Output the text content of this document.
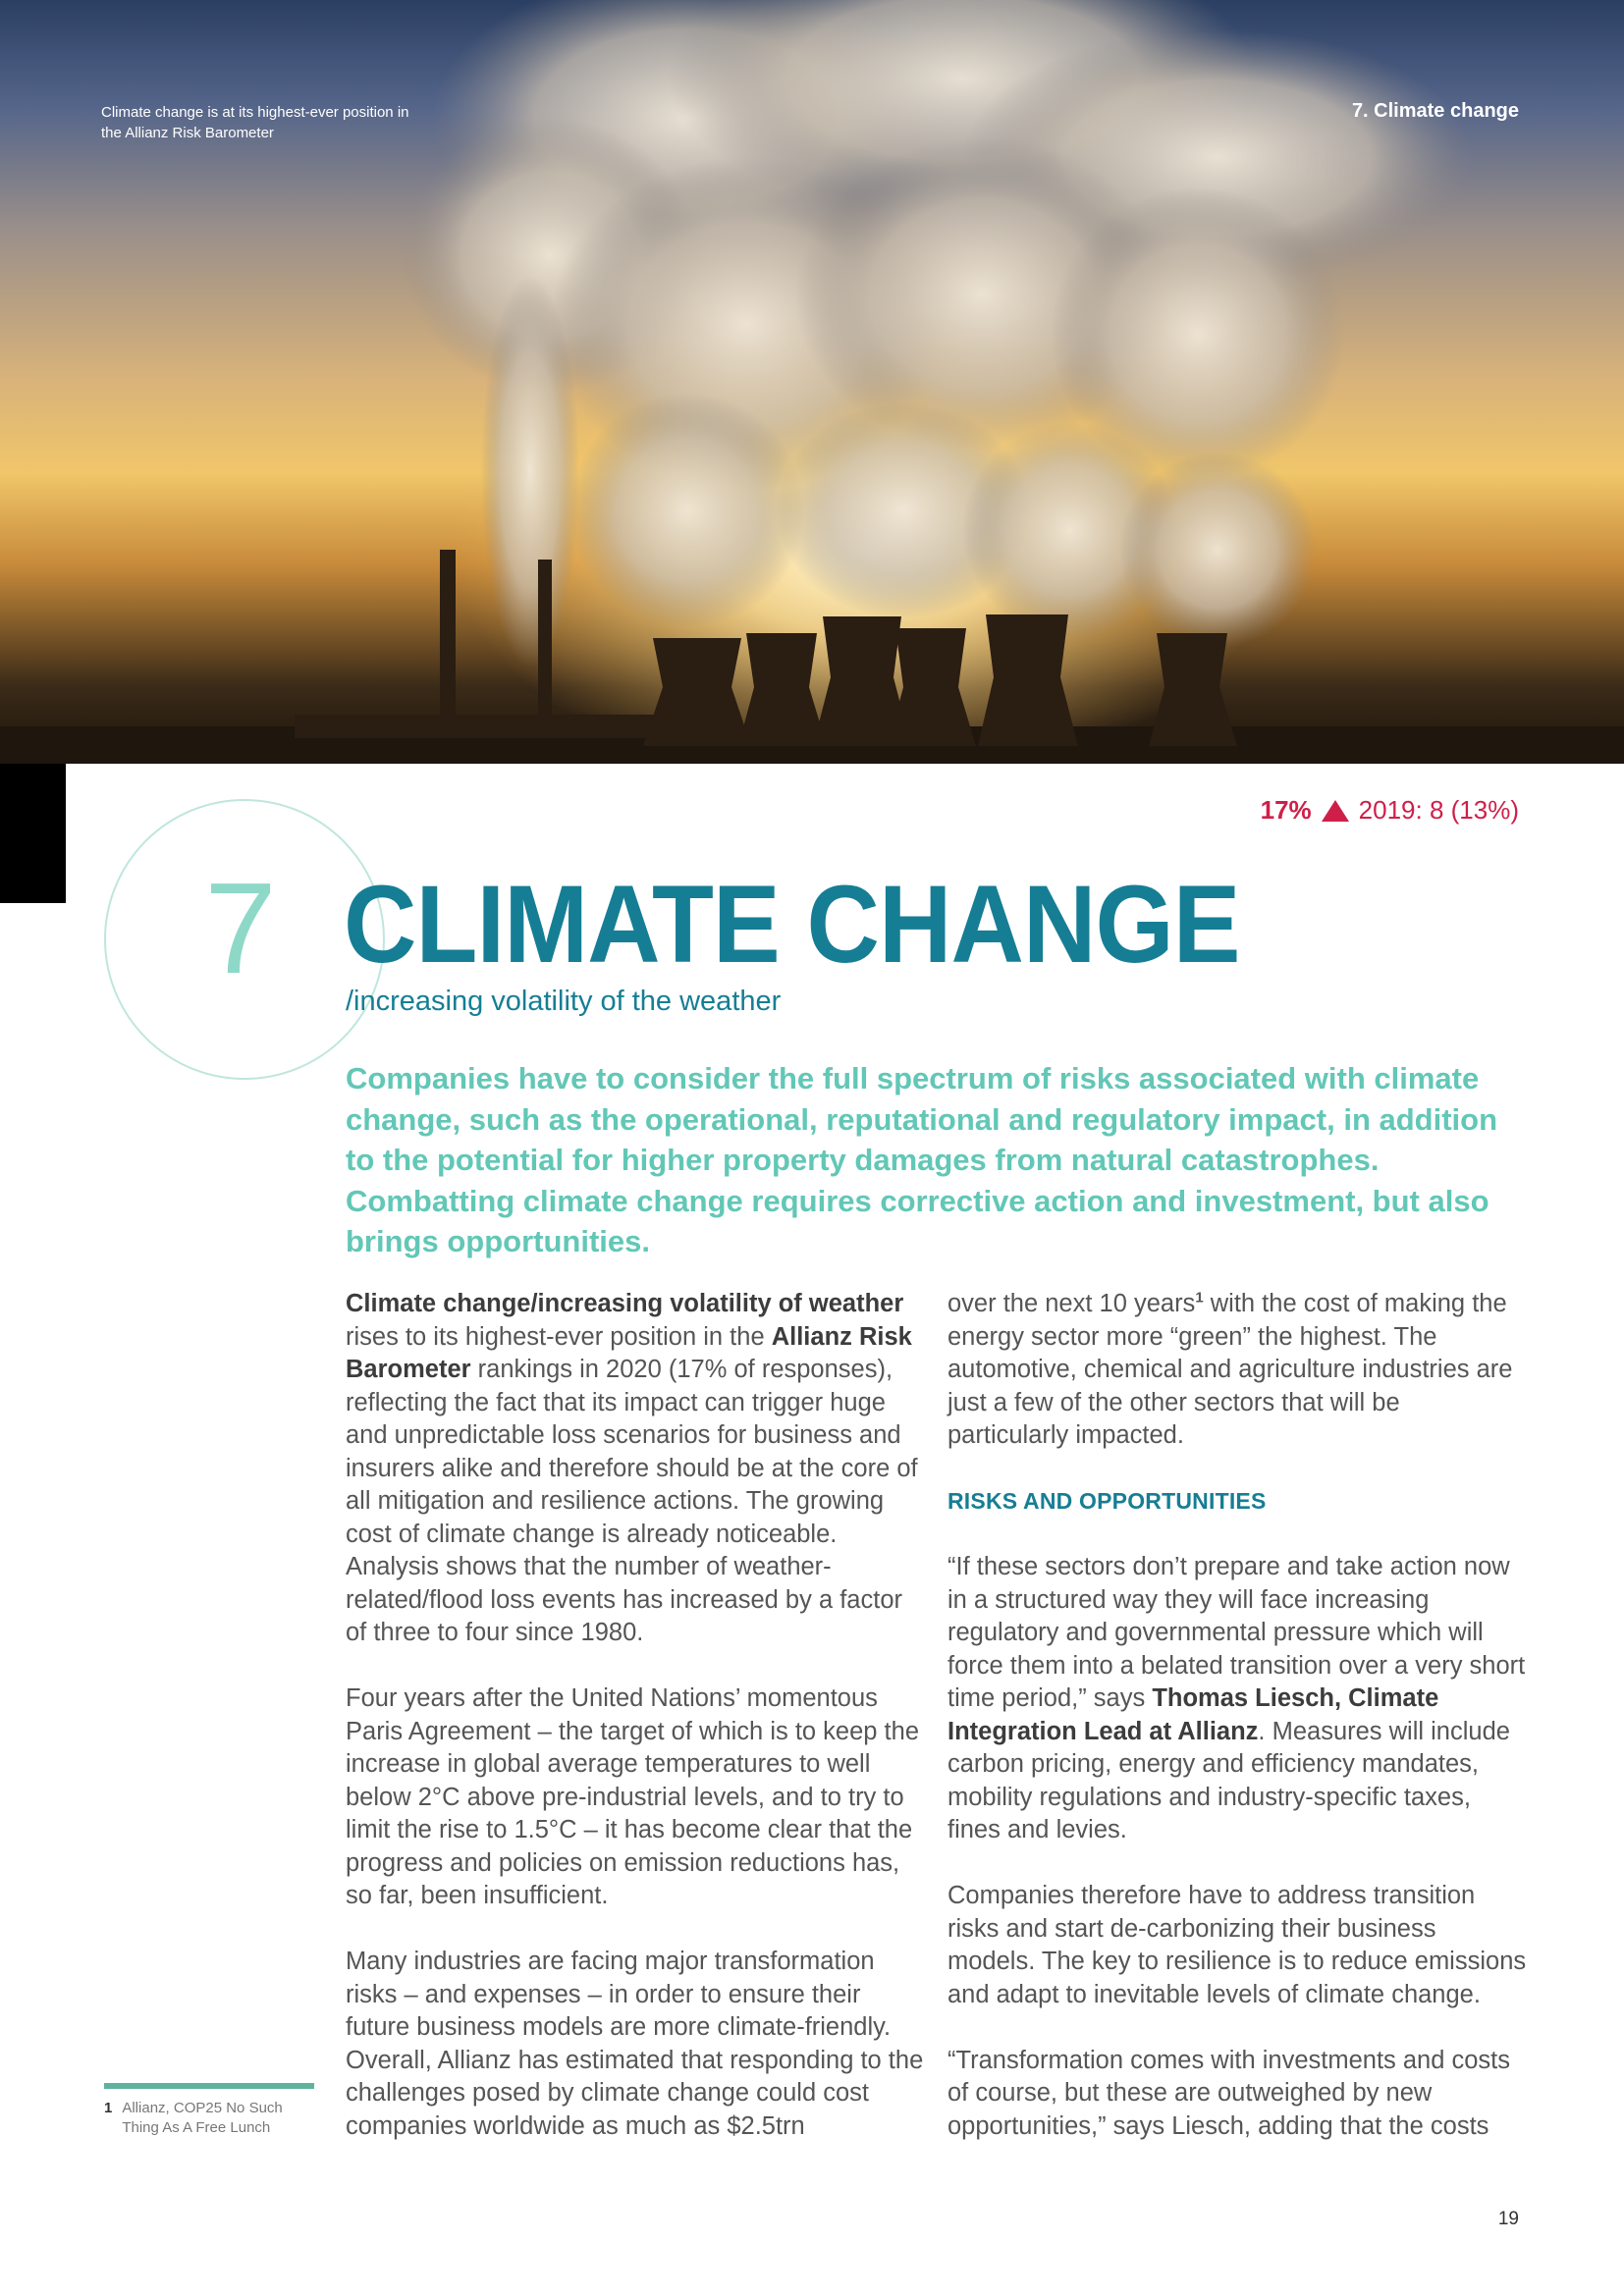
Climate change is at its highest-ever position in the Allianz Risk Barometer
7. Climate change
17% 2019: 8 (13%)
7 CLIMATE CHANGE
/increasing volatility of the weather

Companies have to consider the full spectrum of risks associated with climate change, such as the operational, reputational and regulatory impact, in addition to the potential for higher property damages from natural catastrophes. Combatting climate change requires corrective action and investment, but also brings opportunities.

Climate change/increasing volatility of weather rises to its highest-ever position in the Allianz Risk Barometer rankings in 2020 (17% of responses), reflecting the fact that its impact can trigger huge and unpredictable loss scenarios for business and insurers alike and therefore should be at the core of all mitigation and resilience actions. The growing cost of climate change is already noticeable. Analysis shows that the number of weather-related/flood loss events has increased by a factor of three to four since 1980.

Four years after the United Nations’ momentous Paris Agreement – the target of which is to keep the increase in global average temperatures to well below 2°C above pre-industrial levels, and to try to limit the rise to 1.5°C – it has become clear that the progress and policies on emission reductions has, so far, been insufficient.

Many industries are facing major transformation risks – and expenses – in order to ensure their future business models are more climate-friendly. Overall, Allianz has estimated that responding to the challenges posed by climate change could cost companies worldwide as much as $2.5trn

over the next 10 years$^1$ with the cost of making the energy sector more “green” the highest. The automotive, chemical and agriculture industries are just a few of the other sectors that will be particularly impacted.

RISKS AND OPPORTUNITIES

“If these sectors don’t prepare and take action now in a structured way they will face increasing regulatory and governmental pressure which will force them into a belated transition over a very short time period,” says Thomas Liesch, Climate Integration Lead at Allianz. Measures will include carbon pricing, energy and efficiency mandates, mobility regulations and industry-specific taxes, fines and levies.

Companies therefore have to address transition risks and start de-carbonizing their business models. The key to resilience is to reduce emissions and adapt to inevitable levels of climate change.

“Transformation comes with investments and costs of course, but these are outweighed by new opportunities,” says Liesch, adding that the costs

1 Allianz, COP25 No Such Thing As A Free Lunch
19
